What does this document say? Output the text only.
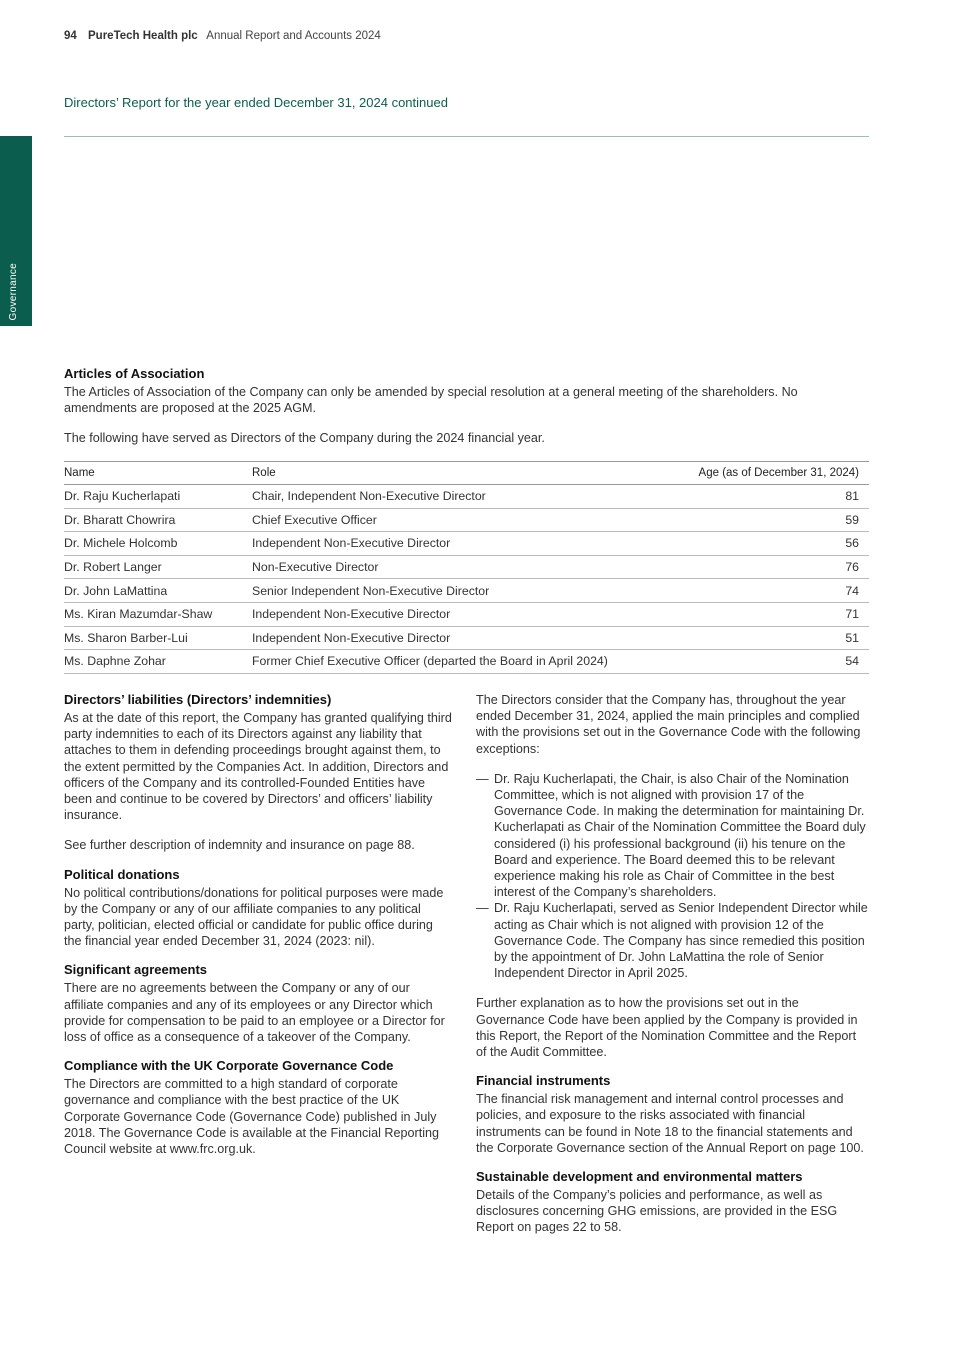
94 PureTech Health plc Annual Report and Accounts 2024
Directors’ Report for the year ended December 31, 2024 continued
Governance
Articles of Association

The Articles of Association of the Company can only be amended by special resolution at a general meeting of the shareholders. No amendments are proposed at the 2025 AGM.

The following have served as Directors of the Company during the 2024 financial year.

Name	Role	Age (as of December 31, 2024)
Dr. Raju Kucherlapati	Chair, Independent Non-Executive Director	81
Dr. Bharatt Chowrira	Chief Executive Officer	59
Dr. Michele Holcomb	Independent Non-Executive Director	56
Dr. Robert Langer	Non-Executive Director	76
Dr. John LaMattina	Senior Independent Non-Executive Director	74
Ms. Kiran Mazumdar-Shaw	Independent Non-Executive Director	71
Ms. Sharon Barber-Lui	Independent Non-Executive Director	51
Ms. Daphne Zohar	Former Chief Executive Officer (departed the Board in April 2024)	54
Directors’ liabilities (Directors’ indemnities)

As at the date of this report, the Company has granted qualifying third party indemnities to each of its Directors against any liability that attaches to them in defending proceedings brought against them, to the extent permitted by the Companies Act. In addition, Directors and officers of the Company and its controlled-Founded Entities have been and continue to be covered by Directors’ and officers’ liability insurance.

See further description of indemnity and insurance on page 88.

Political donations

No political contributions/donations for political purposes were made by the Company or any of our affiliate companies to any political party, politician, elected official or candidate for public office during the financial year ended December 31, 2024 (2023: nil).

Significant agreements

There are no agreements between the Company or any of our affiliate companies and any of its employees or any Director which provide for compensation to be paid to an employee or a Director for loss of office as a consequence of a takeover of the Company.

Compliance with the UK Corporate Governance Code

The Directors are committed to a high standard of corporate governance and compliance with the best practice of the UK Corporate Governance Code (Governance Code) published in July 2018. The Governance Code is available at the Financial Reporting Council website at www.frc.org.uk.

The Directors consider that the Company has, throughout the year ended December 31, 2024, applied the main principles and complied with the provisions set out in the Governance Code with the following exceptions:

— Dr. Raju Kucherlapati, the Chair, is also Chair of the Nomination Committee, which is not aligned with provision 17 of the Governance Code. In making the determination for maintaining Dr. Kucherlapati as Chair of the Nomination Committee the Board duly considered (i) his professional background (ii) his tenure on the Board and experience. The Board deemed this to be relevant experience making his role as Chair of Committee in the best interest of the Company’s shareholders.
— Dr. Raju Kucherlapati, served as Senior Independent Director while acting as Chair which is not aligned with provision 12 of the Governance Code. The Company has since remedied this position by the appointment of Dr. John LaMattina the role of Senior Independent Director in April 2025.

Further explanation as to how the provisions set out in the Governance Code have been applied by the Company is provided in this Report, the Report of the Nomination Committee and the Report of the Audit Committee.

Financial instruments

The financial risk management and internal control processes and policies, and exposure to the risks associated with financial instruments can be found in Note 18 to the financial statements and the Corporate Governance section of the Annual Report on page 100.

Sustainable development and environmental matters

Details of the Company’s policies and performance, as well as disclosures concerning GHG emissions, are provided in the ESG Report on pages 22 to 58.
